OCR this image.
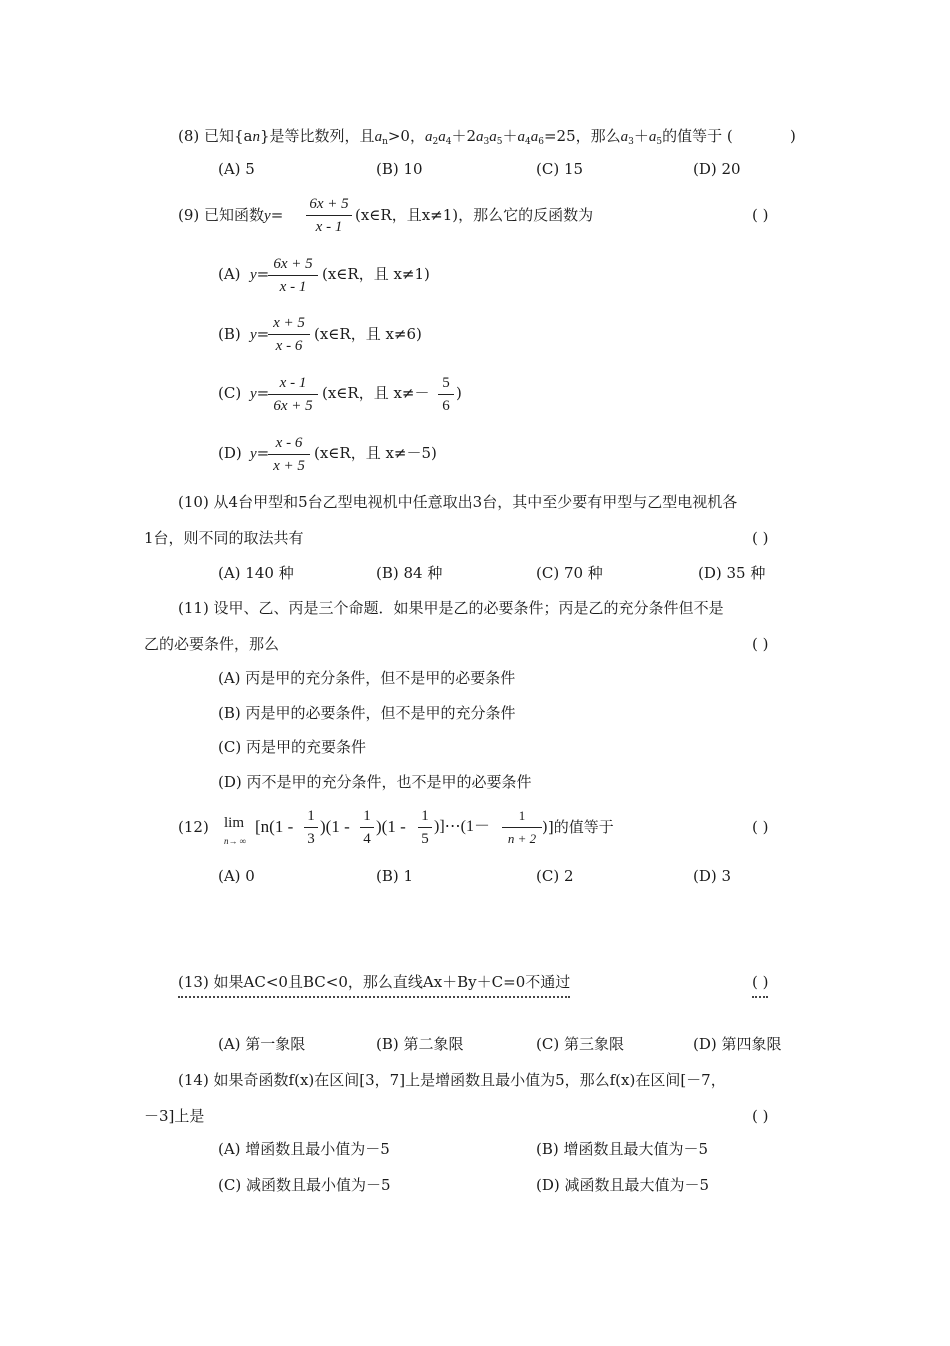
(8) 已知{an}是等比数列，且$a_n>0$，$a_2a_4+2a_3a_5+a_4a_6=25$，那么$a_3+a_5$的值等于 (	)
(A) 5	(B) 10	(C) 15	(D) 20
(9) 已知函数y=
6x + 5
x - 1
(x∈R，且x≠1)，那么它的反函数为	( )
(A) y=
6x + 5
x - 1
(x∈R，且 x≠1)
(B) y=
x + 5
x - 6
(x∈R，且 x≠6)
(C) y=
x - 1
6x + 5
(x∈R，且 x≠－
5
6
)
(D) y=
x - 6
x + 5
(x∈R，且 x≠－5)
(10) 从4台甲型和5台乙型电视机中任意取出3台，其中至少要有甲型与乙型电视机各
1台，则不同的取法共有	( )
(A) 140 种	(B) 84 种	(C) 70 种	(D) 35 种
(11) 设甲、乙、丙是三个命题．如果甲是乙的必要条件；丙是乙的充分条件但不是
乙的必要条件，那么	( )
(A) 丙是甲的充分条件，但不是甲的必要条件
(B) 丙是甲的必要条件，但不是甲的充分条件
(C) 丙是甲的充要条件
(D) 丙不是甲的充分条件，也不是甲的必要条件
(12) lim
n→ ∞
[n(1 -
1
3
)(1 -
1
4
)(1 -
1
5
)]⋯(1－
1
n + 2
)]的值等于	( )
(A) 0	(B) 1	(C) 2	(D) 3
(13) 如果AC<0且BC<0，那么直线Ax＋By＋C=0不通过	( )
(A) 第一象限	(B) 第二象限	(C) 第三象限	(D) 第四象限
(14) 如果奇函数f(x)在区间[3，7]上是增函数且最小值为5，那么f(x)在区间[－7，
－3]上是	( )
(A) 增函数且最小值为－5	(B) 增函数且最大值为－5
(C) 减函数且最小值为－5	(D) 减函数且最大值为－5
